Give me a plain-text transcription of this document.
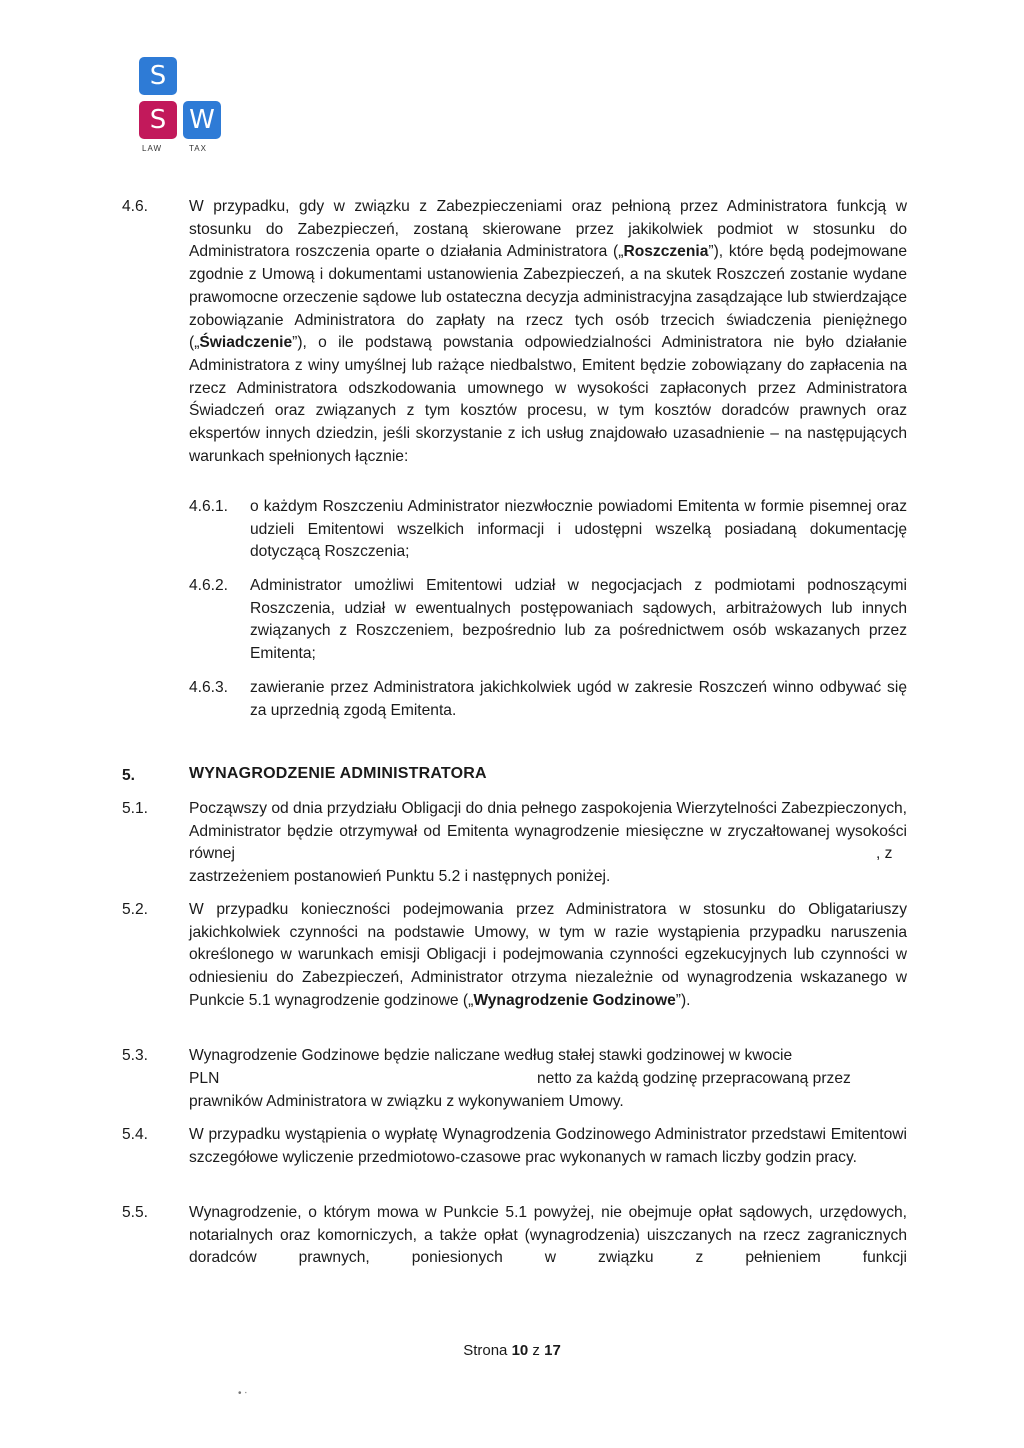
S
S W
LAW	TAX
4.6.	W przypadku, gdy w związku z Zabezpieczeniami oraz pełnioną przez Administratora funkcją w stosunku do Zabezpieczeń, zostaną skierowane przez jakikolwiek podmiot w stosunku do Administratora roszczenia oparte o działania Administratora („Roszczenia”), które będą podejmowane zgodnie z Umową i dokumentami ustanowienia Zabezpieczeń, a na skutek Roszczeń zostanie wydane prawomocne orzeczenie sądowe lub ostateczna decyzja administracyjna zasądzające lub stwierdzające zobowiązanie Administratora do zapłaty na rzecz tych osób trzecich świadczenia pieniężnego („Świadczenie”), o ile podstawą powstania odpowiedzialności Administratora nie było działanie Administratora z winy umyślnej lub rażące niedbalstwo, Emitent będzie zobowiązany do zapłacenia na rzecz Administratora odszkodowania umownego w wysokości zapłaconych przez Administratora Świadczeń oraz związanych z tym kosztów procesu, w tym kosztów doradców prawnych oraz ekspertów innych dziedzin, jeśli skorzystanie z ich usług znajdowało uzasadnienie – na następujących warunkach spełnionych łącznie:
4.6.1. o każdym Roszczeniu Administrator niezwłocznie powiadomi Emitenta w formie pisemnej oraz udzieli Emitentowi wszelkich informacji i udostępni wszelką posiadaną dokumentację dotyczącą Roszczenia;
4.6.2. Administrator umożliwi Emitentowi udział w negocjacjach z podmiotami podnoszącymi Roszczenia, udział w ewentualnych postępowaniach sądowych, arbitrażowych lub innych związanych z Roszczeniem, bezpośrednio lub za pośrednictwem osób wskazanych przez Emitenta;
4.6.3. zawieranie przez Administratora jakichkolwiek ugód w zakresie Roszczeń winno odbywać się za uprzednią zgodą Emitenta.
5.	WYNAGRODZENIE ADMINISTRATORA
5.1.	Począwszy od dnia przydziału Obligacji do dnia pełnego zaspokojenia Wierzytelności Zabezpieczonych, Administrator będzie otrzymywał od Emitenta wynagrodzenie miesięczne w zryczałtowanej wysokości równej	, z
zastrzeżeniem postanowień Punktu 5.2 i następnych poniżej.
5.2.	W przypadku konieczności podejmowania przez Administratora w stosunku do Obligatariuszy jakichkolwiek czynności na podstawie Umowy, w tym w razie wystąpienia przypadku naruszenia określonego w warunkach emisji Obligacji i podejmowania czynności egzekucyjnych lub czynności w odniesieniu do Zabezpieczeń, Administrator otrzyma niezależnie od wynagrodzenia wskazanego w Punkcie 5.1 wynagrodzenie godzinowe („Wynagrodzenie Godzinowe”).
5.3.	Wynagrodzenie Godzinowe będzie naliczane według stałej stawki godzinowej w kwocie
PLN	netto za każdą godzinę przepracowaną przez
prawników Administratora w związku z wykonywaniem Umowy.
5.4.	W przypadku wystąpienia o wypłatę Wynagrodzenia Godzinowego Administrator przedstawi Emitentowi szczegółowe wyliczenie przedmiotowo-czasowe prac wykonanych w ramach liczby godzin pracy.
5.5.	Wynagrodzenie, o którym mowa w Punkcie 5.1 powyżej, nie obejmuje opłat sądowych, urzędowych, notarialnych oraz komorniczych, a także opłat (wynagrodzenia) uiszczanych na rzecz zagranicznych doradców prawnych, poniesionych w związku z pełnieniem funkcji
Strona 10 z 17
• ⋅
